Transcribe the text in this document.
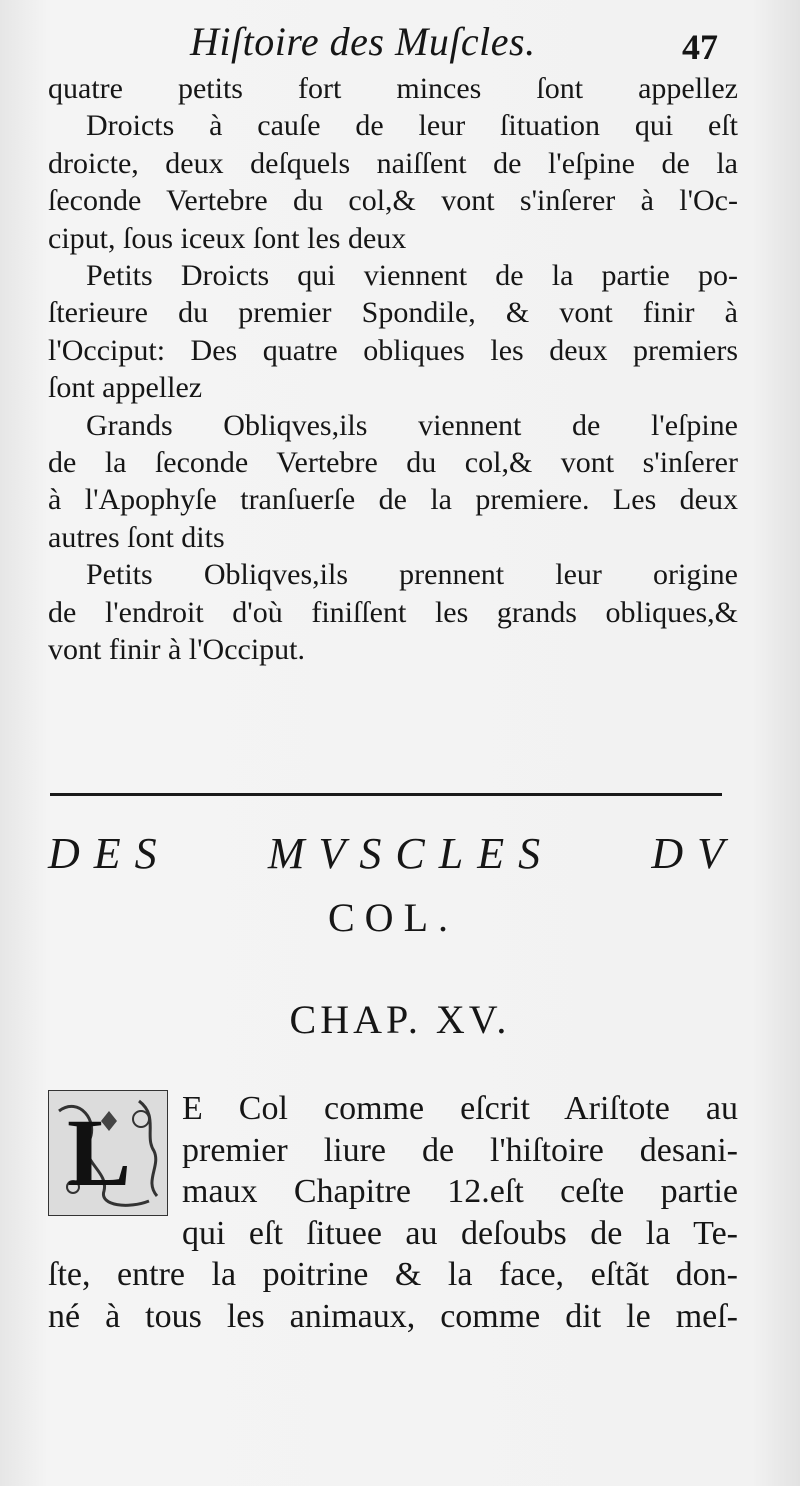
Hiſtoire des Muſcles.	47
quatre petits fort minces ſont appellez
Droicts à cauſe de leur ſituation qui eſt
droicte, deux deſquels naiſſent de l'eſpine de la
ſeconde Vertebre du col,& vont s'inſerer à l'Oc-
ciput, ſous iceux ſont les deux
Petits Droicts qui viennent de la partie po-
ſterieure du premier Spondile, & vont finir à
l'Occiput: Des quatre obliques les deux premiers
ſont appellez
Grands Obliqves,ils viennent de l'eſpine
de la ſeconde Vertebre du col,& vont s'inſerer
à l'Apophyſe tranſuerſe de la premiere. Les deux
autres ſont dits
Petits Obliqves,ils prennent leur origine
de l'endroit d'où finiſſent les grands obliques,&
vont finir à l'Occiput.
DES MVSCLES DV
COL.
CHAP. XV.
L	E Col comme eſcrit Ariſtote au
premier liure de l'hiſtoire desani-
maux Chapitre 12.eſt ceſte partie
qui eſt ſituee au deſoubs de la Te-
ſte, entre la poitrine & la face, eſtãt don-
né à tous les animaux, comme dit le meſ-
